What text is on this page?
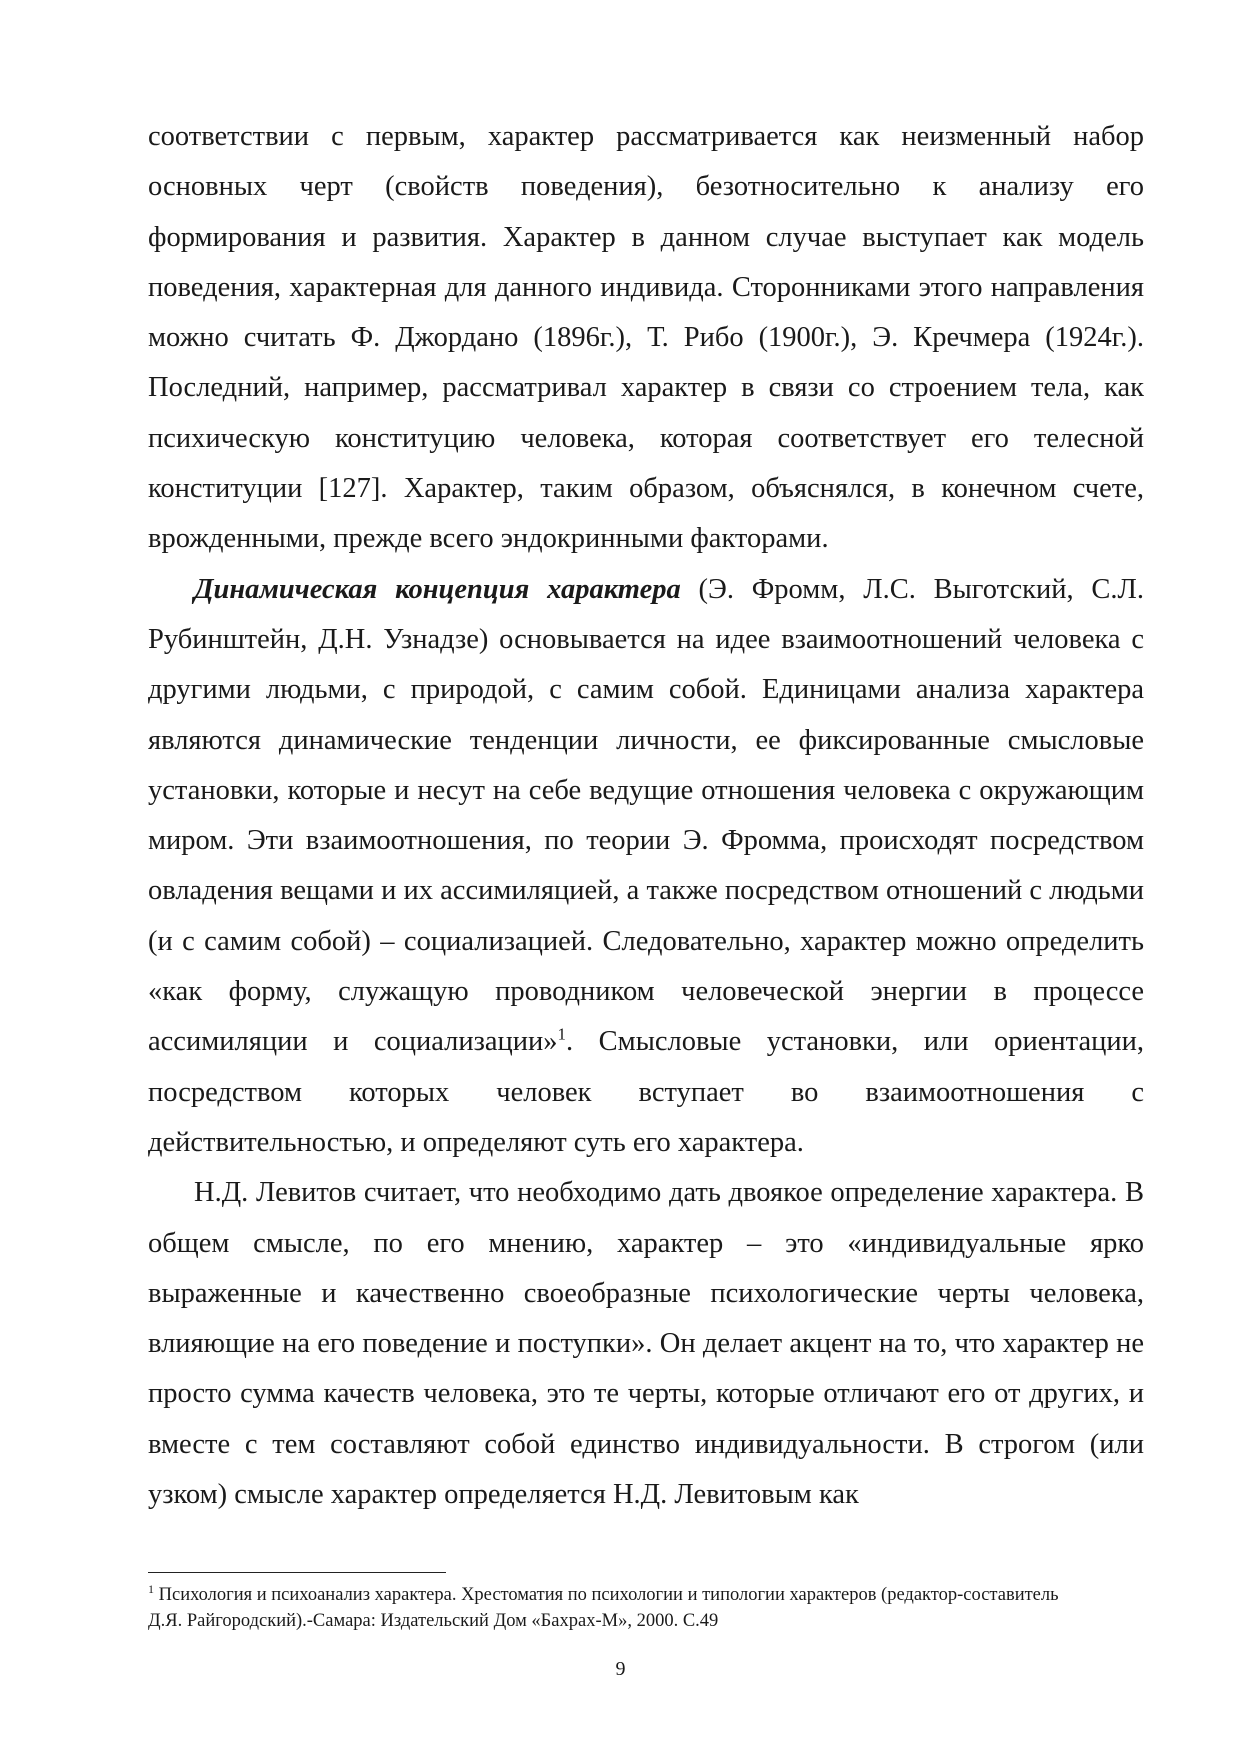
соответствии с первым, характер рассматривается как неизменный набор основных черт (свойств поведения), безотносительно к анализу его формирования и развития. Характер в данном случае выступает как модель поведения, характерная для данного индивида. Сторонниками этого направления можно считать Ф. Джордано (1896г.), Т. Рибо (1900г.), Э. Кречмера (1924г.). Последний, например, рассматривал характер в связи со строением тела, как психическую конституцию человека, которая соответствует его телесной конституции [127]. Характер, таким образом, объяснялся, в конечном счете, врожденными, прежде всего эндокринными факторами.

Динамическая концепция характера (Э. Фромм, Л.С. Выготский, С.Л. Рубинштейн, Д.Н. Узнадзе) основывается на идее взаимоотношений человека с другими людьми, с природой, с самим собой. Единицами анализа характера являются динамические тенденции личности, ее фиксированные смысловые установки, которые и несут на себе ведущие отношения человека с окружающим миром. Эти взаимоотношения, по теории Э. Фромма, происходят посредством овладения вещами и их ассимиляцией, а также посредством отношений с людьми (и с самим собой) – социализацией. Следовательно, характер можно определить «как форму, служащую проводником человеческой энергии в процессе ассимиляции и социализации»$^1$. Смысловые установки, или ориентации, посредством которых человек вступает во взаимоотношения с действительностью, и определяют суть его характера.

Н.Д. Левитов считает, что необходимо дать двоякое определение характера. В общем смысле, по его мнению, характер – это «индивидуальные ярко выраженные и качественно своеобразные психологические черты человека, влияющие на его поведение и поступки». Он делает акцент на то, что характер не просто сумма качеств человека, это те черты, которые отличают его от других, и вместе с тем составляют собой единство индивидуальности. В строгом (или узком) смысле характер определяется Н.Д. Левитовым как

$^1$ Психология и психоанализ характера. Хрестоматия по психологии и типологии характеров (редактор-составитель Д.Я. Райгородский).-Самара: Издательский Дом «Бахрах-М», 2000. С.49

9
